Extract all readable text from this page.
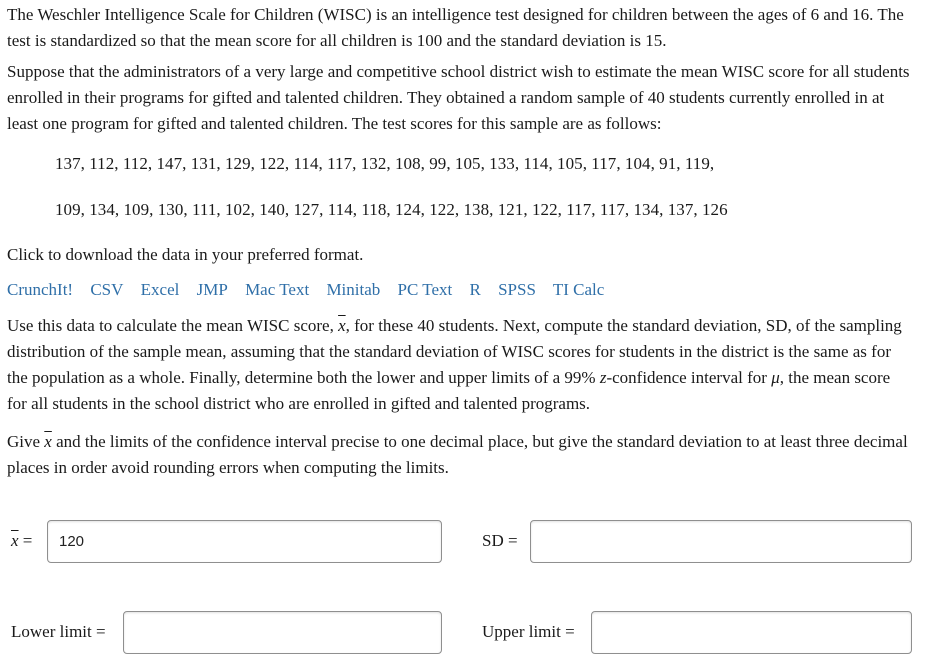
The Weschler Intelligence Scale for Children (WISC) is an intelligence test designed for children between the ages of 6 and 16. The test is standardized so that the mean score for all children is 100 and the standard deviation is 15.

Suppose that the administrators of a very large and competitive school district wish to estimate the mean WISC score for all students enrolled in their programs for gifted and talented children. They obtained a random sample of 40 students currently enrolled in at least one program for gifted and talented children. The test scores for this sample are as follows:

137, 112, 112, 147, 131, 129, 122, 114, 117, 132, 108, 99, 105, 133, 114, 105, 117, 104, 91, 119,

109, 134, 109, 130, 111, 102, 140, 127, 114, 118, 124, 122, 138, 121, 122, 117, 117, 134, 137, 126

Click to download the data in your preferred format.

CrunchIt! CSV Excel JMP Mac Text Minitab PC Text R SPSS TI Calc

Use this data to calculate the mean WISC score, $\overline{x}$, for these 40 students. Next, compute the standard deviation, SD, of the sampling distribution of the sample mean, assuming that the standard deviation of WISC scores for students in the district is the same as for the population as a whole. Finally, determine both the lower and upper limits of a 99% z-confidence interval for μ, the mean score for all students in the school district who are enrolled in gifted and talented programs.

Give $\overline{x}$ and the limits of the confidence interval precise to one decimal place, but give the standard deviation to at least three decimal places in order avoid rounding errors when computing the limits.

$\overline{x}$ =
120	SD =
Lower limit =	Upper limit =
